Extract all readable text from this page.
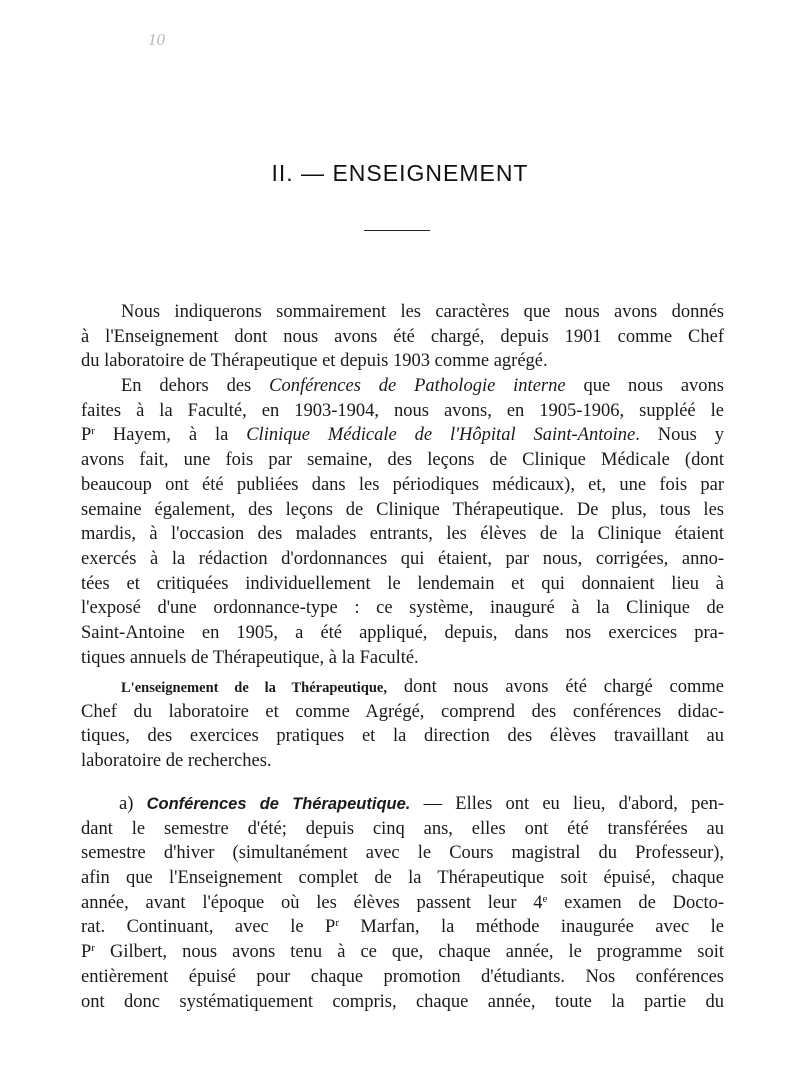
10
II. — ENSEIGNEMENT
Nous indiquerons sommairement les caractères que nous avons donnés
à l'Enseignement dont nous avons été chargé, depuis 1901 comme Chef
du laboratoire de Thérapeutique et depuis 1903 comme agrégé.
En dehors des Conférences de Pathologie interne que nous avons
faites à la Faculté, en 1903-1904, nous avons, en 1905-1906, suppléé le
$P^r$ Hayem, à la Clinique Médicale de l'Hôpital Saint-Antoine. Nous y
avons fait, une fois par semaine, des leçons de Clinique Médicale (dont
beaucoup ont été publiées dans les périodiques médicaux), et, une fois par
semaine également, des leçons de Clinique Thérapeutique. De plus, tous les
mardis, à l'occasion des malades entrants, les élèves de la Clinique étaient
exercés à la rédaction d'ordonnances qui étaient, par nous, corrigées, anno-
tées et critiquées individuellement le lendemain et qui donnaient lieu à
l'exposé d'une ordonnance-type : ce système, inauguré à la Clinique de
Saint-Antoine en 1905, a été appliqué, depuis, dans nos exercices pra-
tiques annuels de Thérapeutique, à la Faculté.
L'enseignement de la Thérapeutique, dont nous avons été chargé comme
Chef du laboratoire et comme Agrégé, comprend des conférences didac-
tiques, des exercices pratiques et la direction des élèves travaillant au
laboratoire de recherches.
a) Conférences de Thérapeutique. — Elles ont eu lieu, d'abord, pen-
dant le semestre d'été; depuis cinq ans, elles ont été transférées au
semestre d'hiver (simultanément avec le Cours magistral du Professeur),
afin que l'Enseignement complet de la Thérapeutique soit épuisé, chaque
année, avant l'époque où les élèves passent leur 4e examen de Docto-
rat. Continuant, avec le $P^r$ Marfan, la méthode inaugurée avec le
$P^r$ Gilbert, nous avons tenu à ce que, chaque année, le programme soit
entièrement épuisé pour chaque promotion d'étudiants. Nos conférences
ont donc systématiquement compris, chaque année, toute la partie du
